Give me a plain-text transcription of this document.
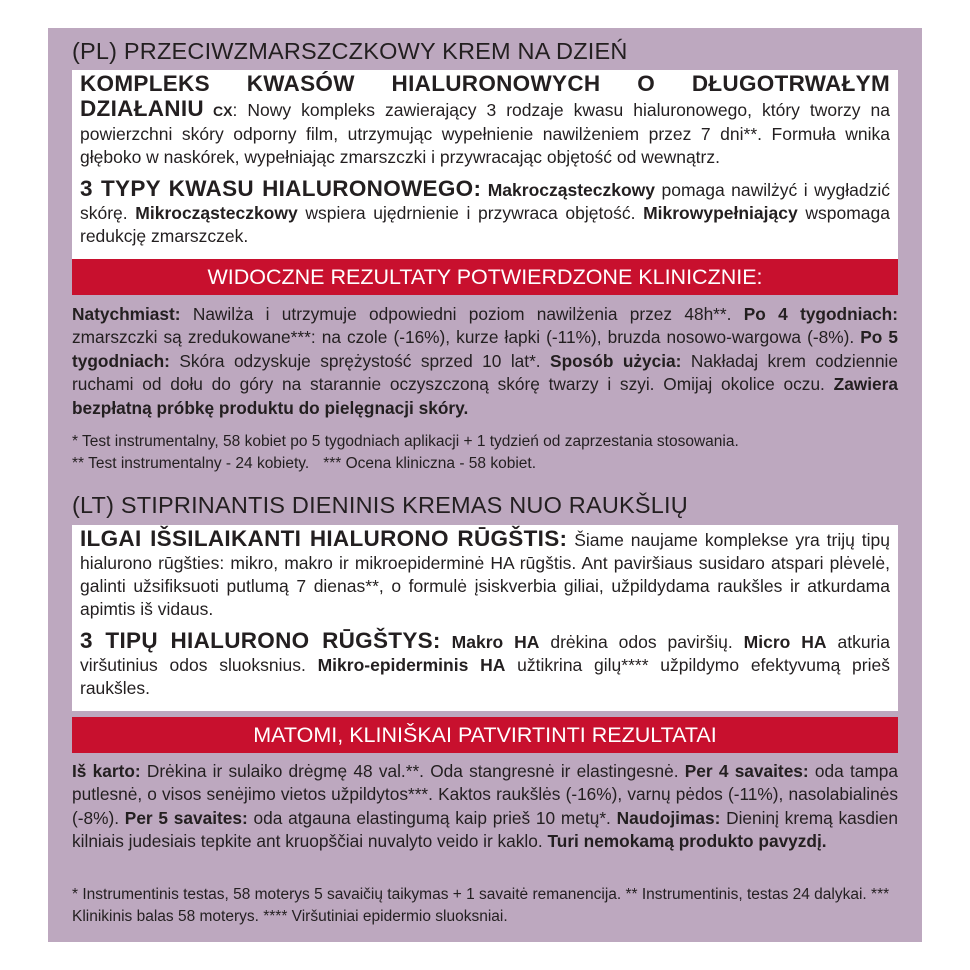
(PL) PRZECIWZMARSZCZKOWY KREM NA DZIEŃ

KOMPLEKS KWASÓW HIALURONOWYCH O DŁUGOTRWAŁYM DZIAŁANIU CX: Nowy kompleks zawierający 3 rodzaje kwasu hialuronowego, który tworzy na powierzchni skóry odporny film, utrzymując wypełnienie nawilżeniem przez 7 dni**. Formuła wnika głęboko w naskórek, wypełniając zmarszczki i przywracając objętość od wewnątrz.

3 TYPY KWASU HIALURONOWEGO: Makrocząsteczkowy pomaga nawilżyć i wygładzić skórę. Mikrocząsteczkowy wspiera ujędrnienie i przywraca objętość. Mikrowypełniający wspomaga redukcję zmarszczek.

WIDOCZNE REZULTATY POTWIERDZONE KLINICZNIE:

Natychmiast: Nawilża i utrzymuje odpowiedni poziom nawilżenia przez 48h**. Po 4 tygodniach: zmarszczki są zredukowane***: na czole (-16%), kurze łapki (-11%), bruzda nosowo-wargowa (-8%). Po 5 tygodniach: Skóra odzyskuje sprężystość sprzed 10 lat*. Sposób użycia: Nakładaj krem codziennie ruchami od dołu do góry na starannie oczyszczoną skórę twarzy i szyi. Omijaj okolice oczu. Zawiera bezpłatną próbkę produktu do pielęgnacji skóry.

* Test instrumentalny, 58 kobiet po 5 tygodniach aplikacji + 1 tydzień od zaprzestania stosowania.

** Test instrumentalny - 24 kobiety. *** Ocena kliniczna - 58 kobiet.

(LT) STIPRINANTIS DIENINIS KREMAS NUO RAUKŠLIŲ

ILGAI IŠSILAIKANTI HIALURONO RŪGŠTIS: Šiame naujame komplekse yra trijų tipų hialurono rūgšties: mikro, makro ir mikroepiderminė HA rūgštis. Ant paviršiaus susidaro atspari plėvelė, galinti užsifiksuoti putlumą 7 dienas**, o formulė įsiskverbia giliai, užpildydama raukšles ir atkurdama apimtis iš vidaus.

3 TIPŲ HIALURONO RŪGŠTYS: Makro HA drėkina odos paviršių. Micro HA atkuria viršutinius odos sluoksnius. Mikro-epiderminis HA užtikrina gilų**** užpildymo efektyvumą prieš raukšles.

MATOMI, KLINIŠKAI PATVIRTINTI REZULTATAI

Iš karto: Drėkina ir sulaiko drėgmę 48 val.**. Oda stangresnė ir elastingesnė. Per 4 savaites: oda tampa putlesnė, o visos senėjimo vietos užpildytos***. Kaktos raukšlės (-16%), varnų pėdos (-11%), nasolabialinės (-8%). Per 5 savaites: oda atgauna elastingumą kaip prieš 10 metų*. Naudojimas: Dieninį kremą kasdien kilniais judesiais tepkite ant kruopščiai nuvalyto veido ir kaklo. Turi nemokamą produkto pavyzdį.

* Instrumentinis testas, 58 moterys 5 savaičių taikymas + 1 savaitė remanencija. ** Instrumentinis, testas 24 dalykai. *** Klinikinis balas 58 moterys. **** Viršutiniai epidermio sluoksniai.
